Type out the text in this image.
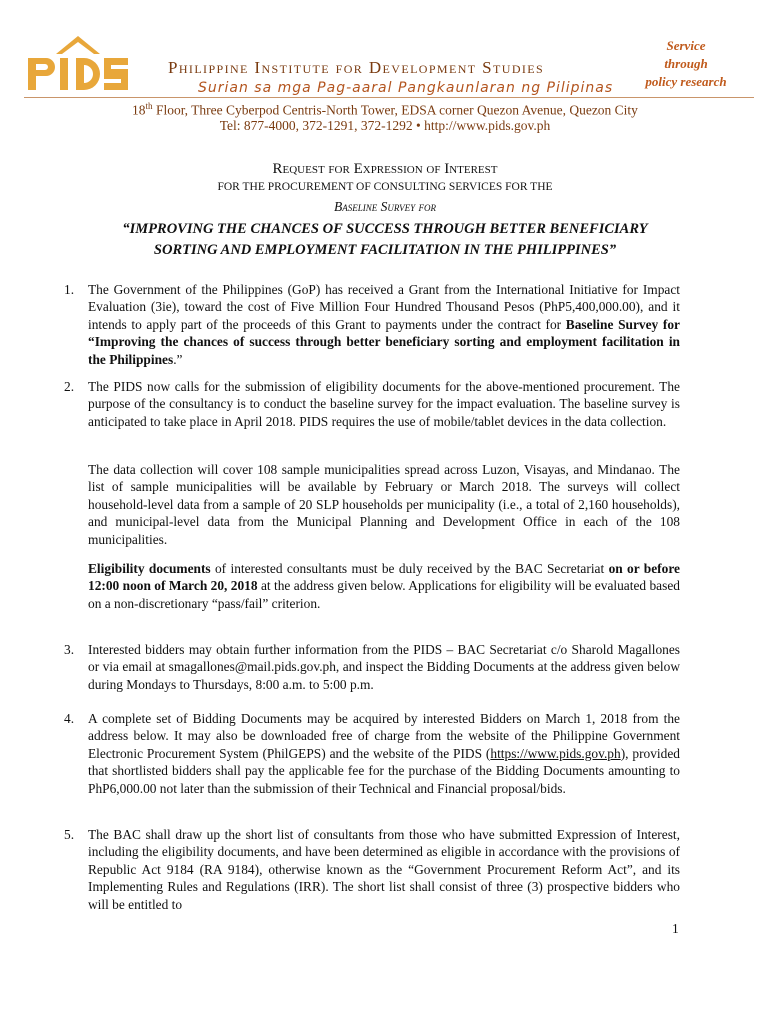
Philippine Institute for Development Studies
Surian sa mga Pag-aaral Pangkaunlaran ng Pilipinas
Service
through
policy research
18th Floor, Three Cyberpod Centris-North Tower, EDSA corner Quezon Avenue, Quezon City
Tel: 877-4000, 372-1291, 372-1292 • http://www.pids.gov.ph
Request for Expression of Interest
FOR THE PROCUREMENT OF CONSULTING SERVICES FOR THE
Baseline Survey for
“IMPROVING THE CHANCES OF SUCCESS THROUGH BETTER BENEFICIARY
SORTING AND EMPLOYMENT FACILITATION IN THE PHILIPPINES”
1. The Government of the Philippines (GoP) has received a Grant from the International Initiative for Impact Evaluation (3ie), toward the cost of Five Million Four Hundred Thousand Pesos (PhP5,400,000.00), and it intends to apply part of the proceeds of this Grant to payments under the contract for Baseline Survey for “Improving the chances of success through better beneficiary sorting and employment facilitation in the Philippines.”
2. The PIDS now calls for the submission of eligibility documents for the above-mentioned procurement. The purpose of the consultancy is to conduct the baseline survey for the impact evaluation. The baseline survey is anticipated to take place in April 2018. PIDS requires the use of mobile/tablet devices in the data collection.
The data collection will cover 108 sample municipalities spread across Luzon, Visayas, and Mindanao. The list of sample municipalities will be available by February or March 2018. The surveys will collect household-level data from a sample of 20 SLP households per municipality (i.e., a total of 2,160 households), and municipal-level data from the Municipal Planning and Development Office in each of the 108 municipalities.
Eligibility documents of interested consultants must be duly received by the BAC Secretariat on or before 12:00 noon of March 20, 2018 at the address given below. Applications for eligibility will be evaluated based on a non-discretionary “pass/fail” criterion.
3. Interested bidders may obtain further information from the PIDS – BAC Secretariat c/o Sharold Magallones or via email at smagallones@mail.pids.gov.ph, and inspect the Bidding Documents at the address given below during Mondays to Thursdays, 8:00 a.m. to 5:00 p.m.
4. A complete set of Bidding Documents may be acquired by interested Bidders on March 1, 2018 from the address below. It may also be downloaded free of charge from the website of the Philippine Government Electronic Procurement System (PhilGEPS) and the website of the PIDS (https://www.pids.gov.ph), provided that shortlisted bidders shall pay the applicable fee for the purchase of the Bidding Documents amounting to PhP6,000.00 not later than the submission of their Technical and Financial proposal/bids.
5. The BAC shall draw up the short list of consultants from those who have submitted Expression of Interest, including the eligibility documents, and have been determined as eligible in accordance with the provisions of Republic Act 9184 (RA 9184), otherwise known as the “Government Procurement Reform Act”, and its Implementing Rules and Regulations (IRR). The short list shall consist of three (3) prospective bidders who will be entitled to
1
